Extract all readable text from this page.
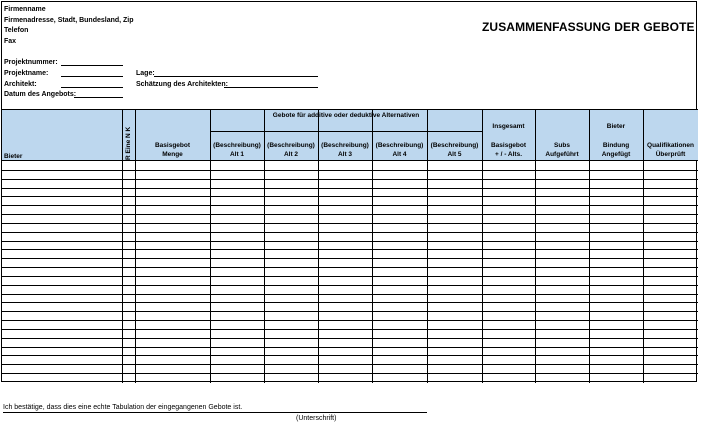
Firmenname
Firmenadresse, Stadt, Bundesland, Zip
Telefon
Fax
ZUSAMMENFASSUNG DER GEBOTE
Projektnummer:
Projektname:
Architekt:
Datum des Angebots:
Lage:
Schätzung des Architekten:
Bieter	R Eine N K	Basisgebot
Menge
Gebote für additive oder deduktive Alternativen
(Beschreibung)
Alt 1
(Beschreibung)
Alt 2
(Beschreibung)
Alt 3
(Beschreibung)
Alt 4
(Beschreibung)
Alt 5
Insgesamt
Basisgebot
+ / - Alts.
Subs
Aufgeführt
Bieter
Bindung
Angefügt
Qualifikationen
Überprüft
Ich bestätige, dass dies eine echte Tabulation der eingegangenen Gebote ist.
(Unterschrift)
